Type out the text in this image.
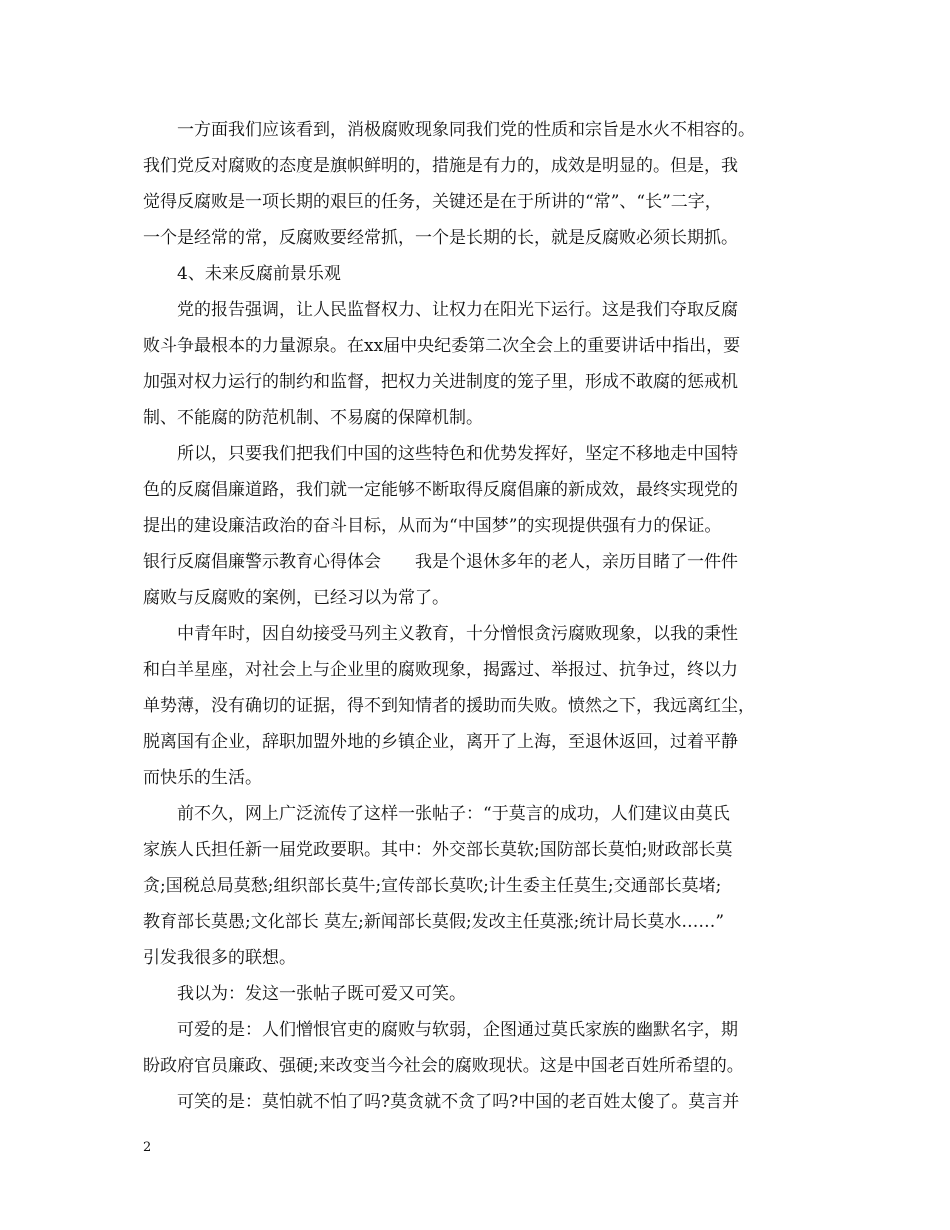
一方面我们应该看到，消极腐败现象同我们党的性质和宗旨是水火不相容的。
我们党反对腐败的态度是旗帜鲜明的，措施是有力的，成效是明显的。但是，我
觉得反腐败是一项长期的艰巨的任务，关键还是在于所讲的“常”、“长”二字，
一个是经常的常，反腐败要经常抓，一个是长期的长，就是反腐败必须长期抓。
4、未来反腐前景乐观
党的报告强调，让人民监督权力、让权力在阳光下运行。这是我们夺取反腐
败斗争最根本的力量源泉。在xx届中央纪委第二次全会上的重要讲话中指出，要
加强对权力运行的制约和监督，把权力关进制度的笼子里，形成不敢腐的惩戒机
制、不能腐的防范机制、不易腐的保障机制。
所以，只要我们把我们中国的这些特色和优势发挥好，坚定不移地走中国特
色的反腐倡廉道路，我们就一定能够不断取得反腐倡廉的新成效，最终实现党的
提出的建设廉洁政治的奋斗目标，从而为“中国梦”的实现提供强有力的保证。
银行反腐倡廉警示教育心得体会　　我是个退休多年的老人，亲历目睹了一件件
腐败与反腐败的案例，已经习以为常了。
中青年时，因自幼接受马列主义教育，十分憎恨贪污腐败现象，以我的秉性
和白羊星座，对社会上与企业里的腐败现象，揭露过、举报过、抗争过，终以力
单势薄，没有确切的证据，得不到知情者的援助而失败。愤然之下，我远离红尘，
脱离国有企业，辞职加盟外地的乡镇企业，离开了上海，至退休返回，过着平静
而快乐的生活。
前不久，网上广泛流传了这样一张帖子：“于莫言的成功，人们建议由莫氏
家族人氏担任新一届党政要职。其中：外交部长莫软;国防部长莫怕;财政部长莫
贪;国税总局莫愁;组织部长莫牛;宣传部长莫吹;计生委主任莫生;交通部长莫堵;
教育部长莫愚;文化部长 莫左;新闻部长莫假;发改主任莫涨;统计局长莫水……”
引发我很多的联想。
我以为：发这一张帖子既可爱又可笑。
可爱的是：人们憎恨官吏的腐败与软弱，企图通过莫氏家族的幽默名字，期
盼政府官员廉政、强硬;来改变当今社会的腐败现状。这是中国老百姓所希望的。
可笑的是：莫怕就不怕了吗?莫贪就不贪了吗?中国的老百姓太傻了。莫言并
2
